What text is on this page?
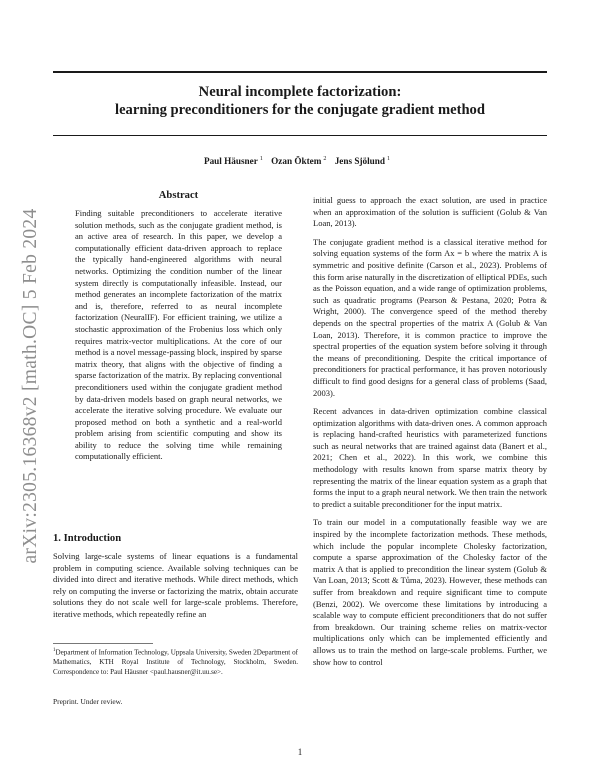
arXiv:2305.16368v2 [math.OC] 5 Feb 2024
Neural incomplete factorization:
learning preconditioners for the conjugate gradient method
Paul Häusner $^1$ Ozan Öktem $^2$ Jens Sjölund $^1$
Abstract
Finding suitable preconditioners to accelerate iterative solution methods, such as the conjugate gradient method, is an active area of research. In this paper, we develop a computationally efficient data-driven approach to replace the typically hand-engineered algorithms with neural networks. Optimizing the condition number of the linear system directly is computationally infeasible. Instead, our method generates an incomplete factorization of the matrix and is, therefore, referred to as neural incomplete factorization (NeuralIF). For efficient training, we utilize a stochastic approximation of the Frobenius loss which only requires matrix-vector multiplications. At the core of our method is a novel message-passing block, inspired by sparse matrix theory, that aligns with the objective of finding a sparse factorization of the matrix. By replacing conventional preconditioners used within the conjugate gradient method by data-driven models based on graph neural networks, we accelerate the iterative solving procedure. We evaluate our proposed method on both a synthetic and a real-world problem arising from scientific computing and show its ability to reduce the solving time while remaining computationally efficient.
1. Introduction
Solving large-scale systems of linear equations is a fundamental problem in computing science. Available solving techniques can be divided into direct and iterative methods. While direct methods, which rely on computing the inverse or factorizing the matrix, obtain accurate solutions they do not scale well for large-scale problems. Therefore, iterative methods, which repeatedly refine an
$^1$Department of Information Technology, Uppsala University, Sweden 2Department of Mathematics, KTH Royal Institute of Technology, Stockholm, Sweden. Correspondence to: Paul Häusner <paul.hausner@it.uu.se>.
Preprint. Under review.

initial guess to approach the exact solution, are used in practice when an approximation of the solution is sufficient (Golub & Van Loan, 2013).

The conjugate gradient method is a classical iterative method for solving equation systems of the form Ax = b where the matrix A is symmetric and positive definite (Carson et al., 2023). Problems of this form arise naturally in the discretization of elliptical PDEs, such as the Poisson equation, and a wide range of optimization problems, such as quadratic programs (Pearson & Pestana, 2020; Potra & Wright, 2000). The convergence speed of the method thereby depends on the spectral properties of the matrix A (Golub & Van Loan, 2013). Therefore, it is common practice to improve the spectral properties of the equation system before solving it through the means of preconditioning. Despite the critical importance of preconditioners for practical performance, it has proven notoriously difficult to find good designs for a general class of problems (Saad, 2003).

Recent advances in data-driven optimization combine classical optimization algorithms with data-driven ones. A common approach is replacing hand-crafted heuristics with parameterized functions such as neural networks that are trained against data (Banert et al., 2021; Chen et al., 2022). In this work, we combine this methodology with results known from sparse matrix theory by representing the matrix of the linear equation system as a graph that forms the input to a graph neural network. We then train the network to predict a suitable preconditioner for the input matrix.

To train our model in a computationally feasible way we are inspired by the incomplete factorization methods. These methods, which include the popular incomplete Cholesky factorization, compute a sparse approximation of the Cholesky factor of the matrix A that is applied to precondition the linear system (Golub & Van Loan, 2013; Scott & Tůma, 2023). However, these methods can suffer from breakdown and require significant time to compute (Benzi, 2002). We overcome these limitations by introducing a scalable way to compute efficient preconditioners that do not suffer from breakdown. Our training scheme relies on matrix-vector multiplications only which can be implemented efficiently and allows us to train the method on large-scale problems. Further, we show how to control

1
